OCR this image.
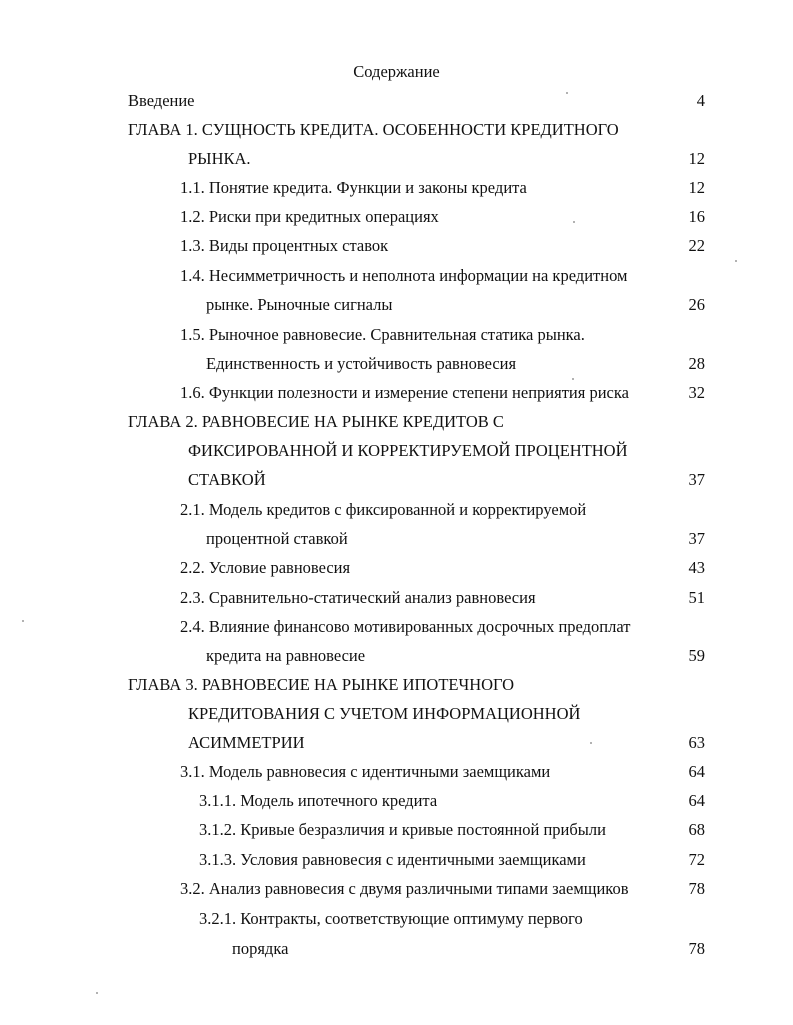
Содержание
Введение	4
ГЛАВА 1. СУЩНОСТЬ КРЕДИТА. ОСОБЕННОСТИ КРЕДИТНОГО
РЫНКА.	12
1.1. Понятие кредита. Функции и законы кредита	12
1.2. Риски при кредитных операциях	16
1.3. Виды процентных ставок	22
1.4. Несимметричность и неполнота информации на кредитном
рынке. Рыночные сигналы	26
1.5. Рыночное равновесие. Сравнительная статика рынка.
Единственность и устойчивость равновесия	28
1.6. Функции полезности и измерение степени неприятия риска	32
ГЛАВА 2. РАВНОВЕСИЕ НА РЫНКЕ КРЕДИТОВ С
ФИКСИРОВАННОЙ И КОРРЕКТИРУЕМОЙ ПРОЦЕНТНОЙ
СТАВКОЙ	37
2.1. Модель кредитов с фиксированной и корректируемой
процентной ставкой	37
2.2. Условие равновесия	43
2.3. Сравнительно-статический анализ равновесия	51
2.4. Влияние финансово мотивированных досрочных предоплат
кредита на равновесие	59
ГЛАВА 3. РАВНОВЕСИЕ НА РЫНКЕ ИПОТЕЧНОГО
КРЕДИТОВАНИЯ С УЧЕТОМ ИНФОРМАЦИОННОЙ
АСИММЕТРИИ	63
3.1. Модель равновесия с идентичными заемщиками	64
3.1.1. Модель ипотечного кредита	64
3.1.2. Кривые безразличия и кривые постоянной прибыли	68
3.1.3. Условия равновесия с идентичными заемщиками	72
3.2. Анализ равновесия с двумя различными типами заемщиков	78
3.2.1. Контракты, соответствующие оптимуму первого
порядка	78
